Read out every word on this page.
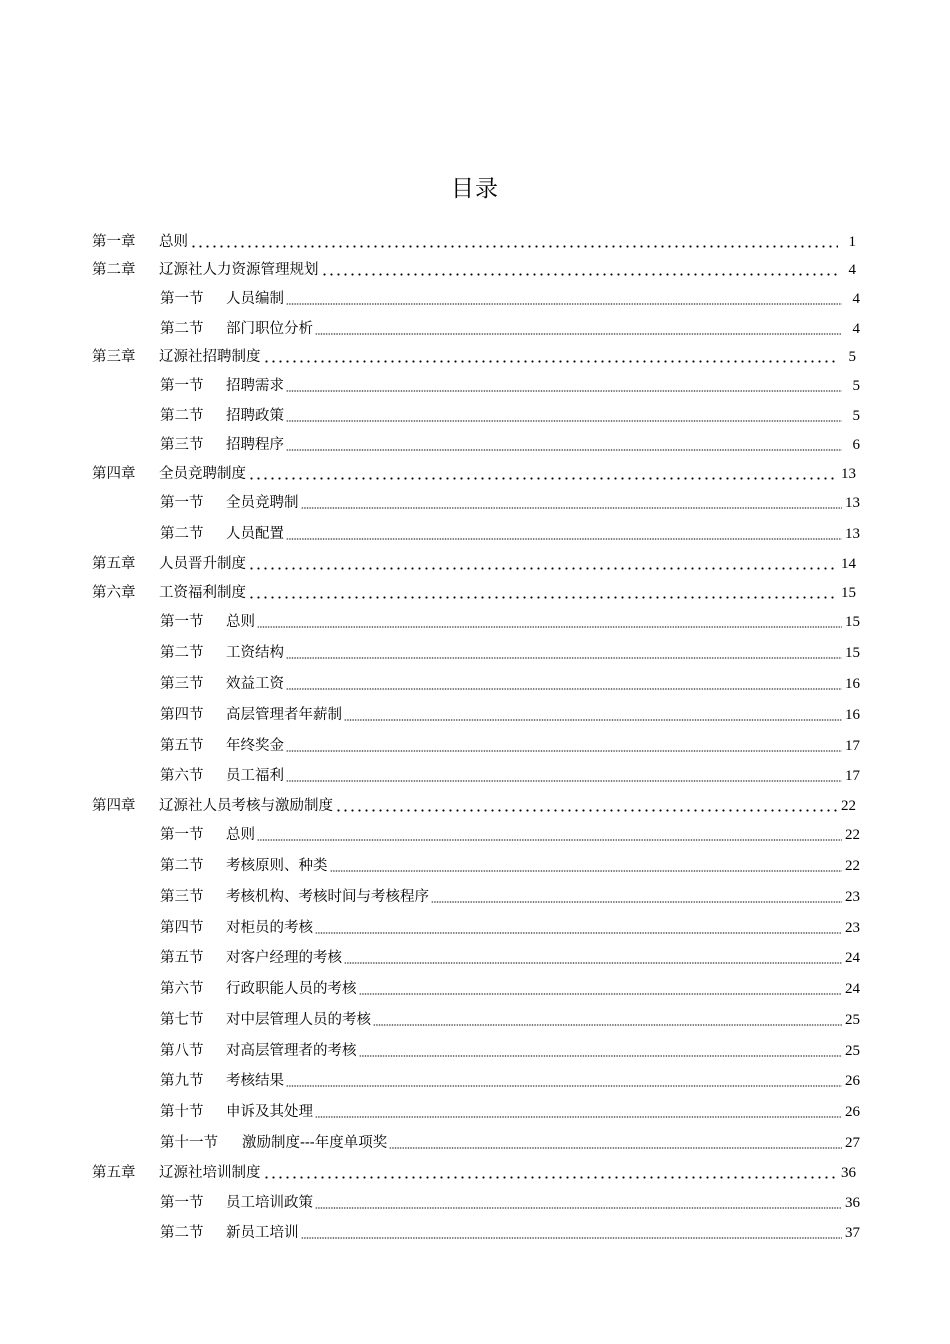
目录
第一章	总则	1
第二章	辽源社人力资源管理规划	4
第一节	人员编制	4
第二节	部门职位分析	4
第三章	辽源社招聘制度	5
第一节	招聘需求	5
第二节	招聘政策	5
第三节	招聘程序	6
第四章	全员竞聘制度	13
第一节	全员竞聘制	13
第二节	人员配置	13
第五章	人员晋升制度	14
第六章	工资福利制度	15
第一节	总则	15
第二节	工资结构	15
第三节	效益工资	16
第四节	高层管理者年薪制	16
第五节	年终奖金	17
第六节	员工福利	17
第四章	辽源社人员考核与激励制度	22
第一节	总则	22
第二节	考核原则、种类	22
第三节	考核机构、考核时间与考核程序	23
第四节	对柜员的考核	23
第五节	对客户经理的考核	24
第六节	行政职能人员的考核	24
第七节	对中层管理人员的考核	25
第八节	对高层管理者的考核	25
第九节	考核结果	26
第十节	申诉及其处理	26
第十一节	激励制度---年度单项奖	27
第五章	辽源社培训制度	36
第一节	员工培训政策	36
第二节	新员工培训	37
